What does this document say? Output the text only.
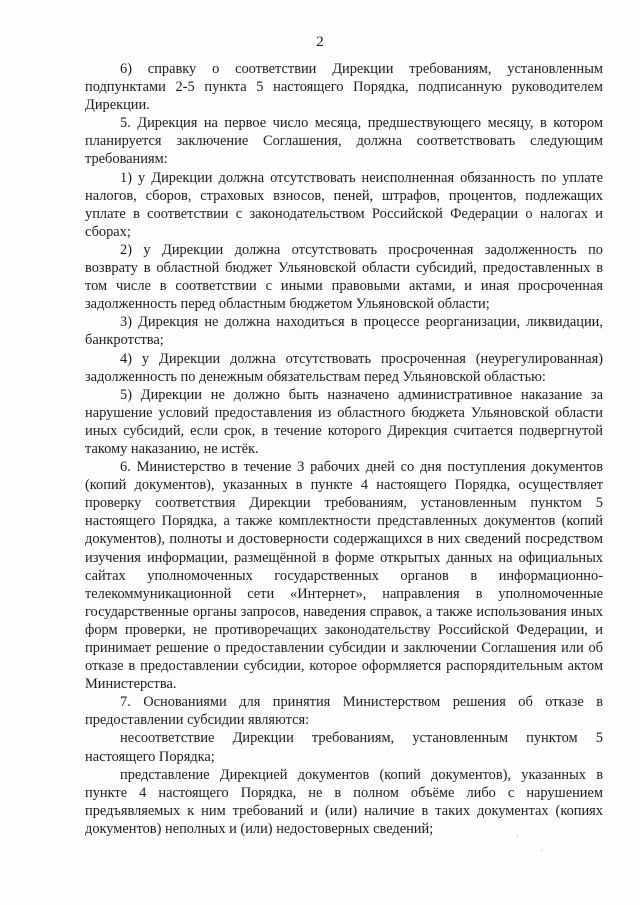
2

6) справку о соответствии Дирекции требованиям, установленным подпунктами 2-5 пункта 5 настоящего Порядка, подписанную руководителем Дирекции.

5. Дирекция на первое число месяца, предшествующего месяцу, в котором планируется заключение Соглашения, должна соответствовать следующим требованиям:

1) у Дирекции должна отсутствовать неисполненная обязанность по уплате налогов, сборов, страховых взносов, пеней, штрафов, процентов, подлежащих уплате в соответствии с законодательством Российской Федерации о налогах и сборах;

2) у Дирекции должна отсутствовать просроченная задолженность по возврату в областной бюджет Ульяновской области субсидий, предоставленных в том числе в соответствии с иными правовыми актами, и иная просроченная задолженность перед областным бюджетом Ульяновской области;

3) Дирекция не должна находиться в процессе реорганизации, ликвидации, банкротства;

4) у Дирекции должна отсутствовать просроченная (неурегулированная) задолженность по денежным обязательствам перед Ульяновской областью:

5) Дирекции не должно быть назначено административное наказание за нарушение условий предоставления из областного бюджета Ульяновской области иных субсидий, если срок, в течение которого Дирекция считается подвергнутой такому наказанию, не истёк.

6. Министерство в течение 3 рабочих дней со дня поступления документов (копий документов), указанных в пункте 4 настоящего Порядка, осуществляет проверку соответствия Дирекции требованиям, установленным пунктом 5 настоящего Порядка, а также комплектности представленных документов (копий документов), полноты и достоверности содержащихся в них сведений посредством изучения информации, размещённой в форме открытых данных на официальных сайтах уполномоченных государственных органов в информационно-телекоммуникационной сети «Интернет», направления в уполномоченные государственные органы запросов, наведения справок, а также использования иных форм проверки, не противоречащих законодательству Российской Федерации, и принимает решение о предоставлении субсидии и заключении Соглашения или об отказе в предоставлении субсидии, которое оформляется распорядительным актом Министерства.

7. Основаниями для принятия Министерством решения об отказе в предоставлении субсидии являются:

несоответствие Дирекции требованиям, установленным пунктом 5 настоящего Порядка;

представление Дирекцией документов (копий документов), указанных в пункте 4 настоящего Порядка, не в полном объёме либо с нарушением предъявляемых к ним требований и (или) наличие в таких документах (копиях документов) неполных и (или) недостоверных сведений;	·
·
